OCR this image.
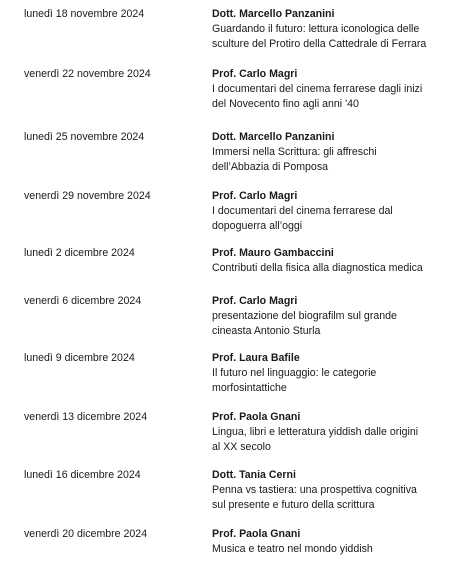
lunedì 18 novembre 2024	Dott. Marcello Panzanini
Guardando il futuro: lettura iconologica delle
sculture del Protiro della Cattedrale di Ferrara
venerdì 22 novembre 2024	Prof. Carlo Magri
I documentari del cinema ferrarese dagli inizi
del Novecento fino agli anni '40
lunedì 25 novembre 2024	Dott. Marcello Panzanini
Immersi nella Scrittura: gli affreschi
dell’Abbazia di Pomposa
venerdì 29 novembre 2024	Prof. Carlo Magri
I documentari del cinema ferrarese dal
dopoguerra all’oggi
lunedì 2 dicembre 2024	Prof. Mauro Gambaccini
Contributi della fisica alla diagnostica medica
venerdì 6 dicembre 2024	Prof. Carlo Magri
presentazione del biografilm sul grande
cineasta Antonio Sturla
lunedì 9 dicembre 2024	Prof. Laura Bafile
Il futuro nel linguaggio: le categorie
morfosintattiche
venerdì 13 dicembre 2024	Prof. Paola Gnani
Lingua, libri e letteratura yiddish dalle origini
al XX secolo
lunedì 16 dicembre 2024	Dott. Tania Cerni
Penna vs tastiera: una prospettiva cognitiva
sul presente e futuro della scrittura
venerdì 20 dicembre 2024	Prof. Paola Gnani
Musica e teatro nel mondo yiddish
